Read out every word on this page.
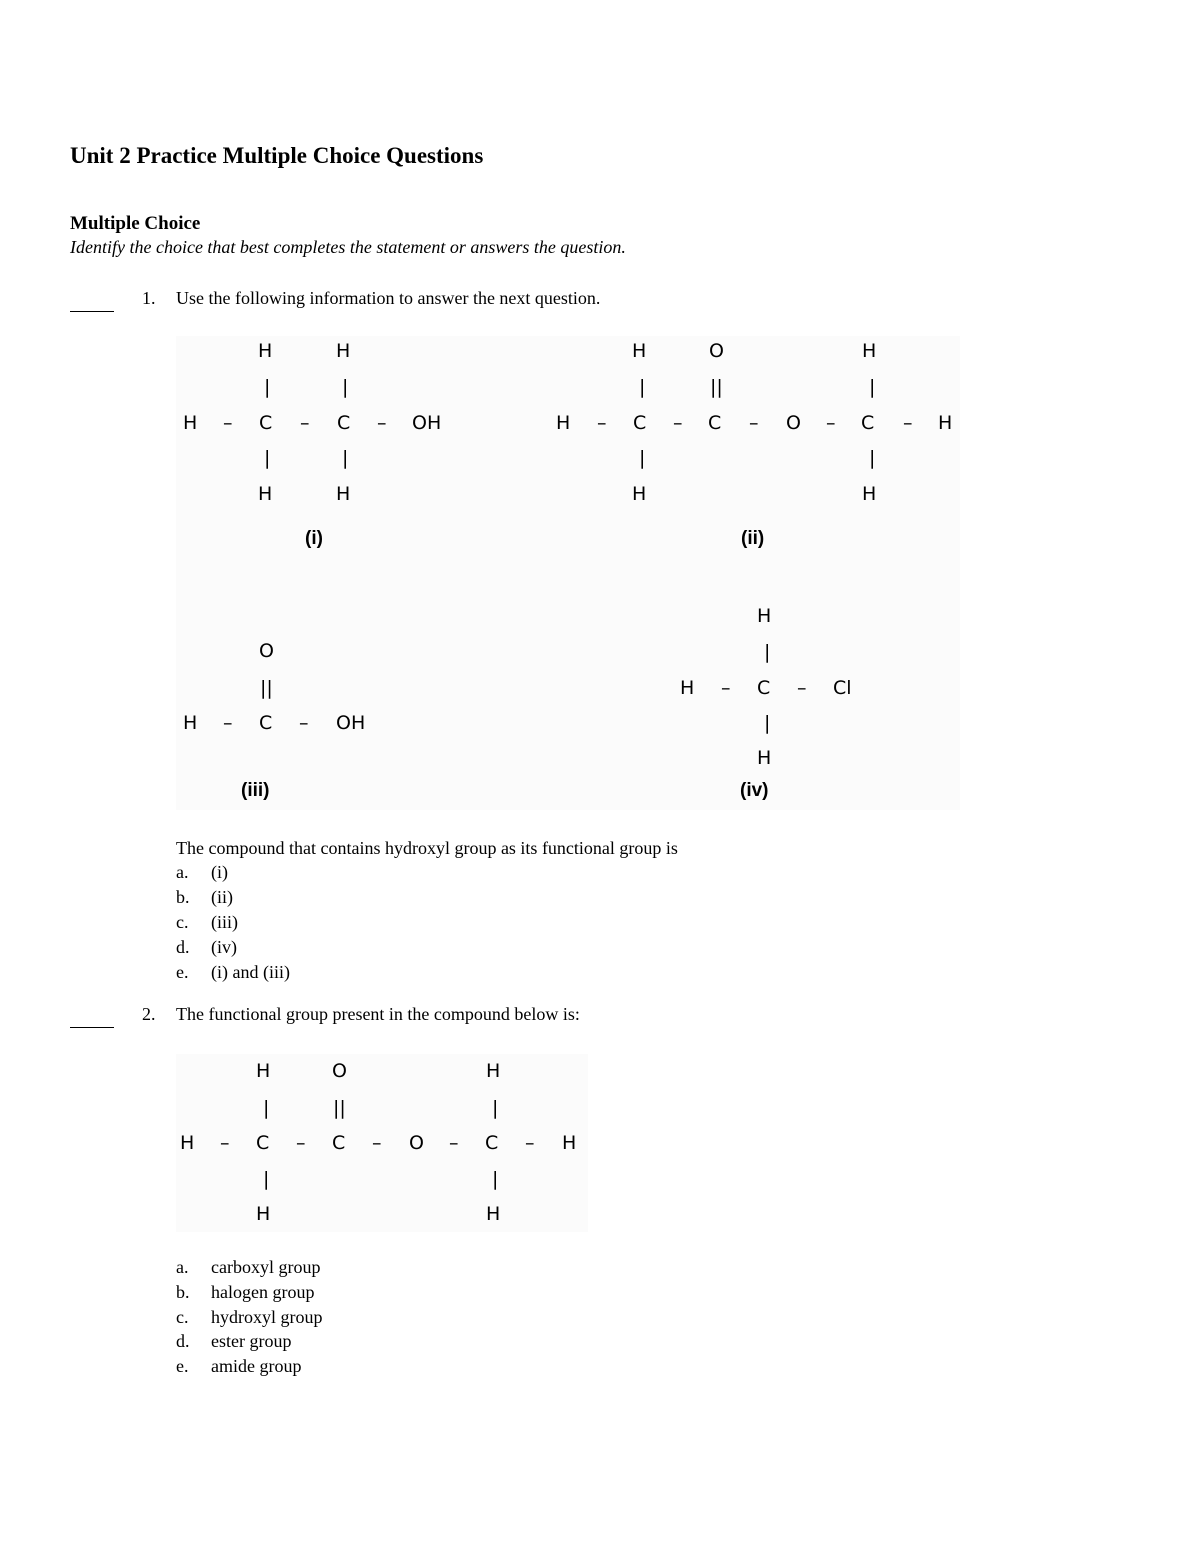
Unit 2 Practice Multiple Choice Questions
Multiple Choice
Identify the choice that best completes the statement or answers the question.
1. Use the following information to answer the next question.
H	H
|	|
H – C – C – OH
|	|
H	H
(i)
H	O	H
|	||	|
H – C – C – O – C – H
|	|
H	H
(ii)
O
||
H – C – OH
(iii)
H
|
H – C – Cl
|
H
(iv)
The compound that contains hydroxyl group as its functional group is
a. (i)
b. (ii)
c. (iii)
d. (iv)
e. (i) and (iii)
2. The functional group present in the compound below is:
H	O	H
|	||	|
H – C – C – O – C – H
|	|
H	H
a. carboxyl group
b. halogen group
c. hydroxyl group
d. ester group
e. amide group
